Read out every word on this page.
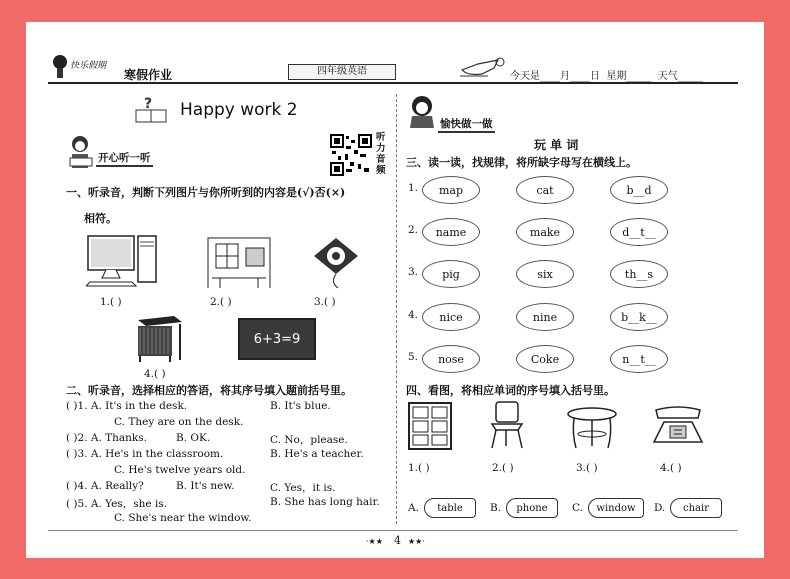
快乐假期
寒假作业	四年级英语	今天是____月____日  星期_____  天气_____
? Happy work 2
开心听一听
听力音频
一、听录音，判断下列图片与你所听到的内容是(√)否(×)
相符。
1.( )	2.( )	3.( )
6+3=9
4.( )
二、听录音，选择相应的答语，将其序号填入题前括号里。
( )1. A. It's in the desk.	B. It's blue.
C. They are on the desk.
( )2. A. Thanks.	B. OK.	C. No，please.
( )3. A. He's in the classroom.	B. He's a teacher.
C. He's twelve years old.
( )4. A. Really?	B. It's new.	C. Yes，it is.
( )5. A. Yes，she is.	B. She has long hair.
C. She's near the window.
愉快做一做
玩 单 词
三、读一读，找规律，将所缺字母写在横线上。
1.	map	cat	b__d
2.	name	make	d__t__
3.	pig	six	th__s
4.	nice	nine	b__k__
5.	nose	Coke	n__t__
四、看图，将相应单词的序号填入括号里。
1.( )	2.( )	3.( )	4.( )
A.	table	B.	phone	C.	window	D.	chair
·★★ 4 ★★·
